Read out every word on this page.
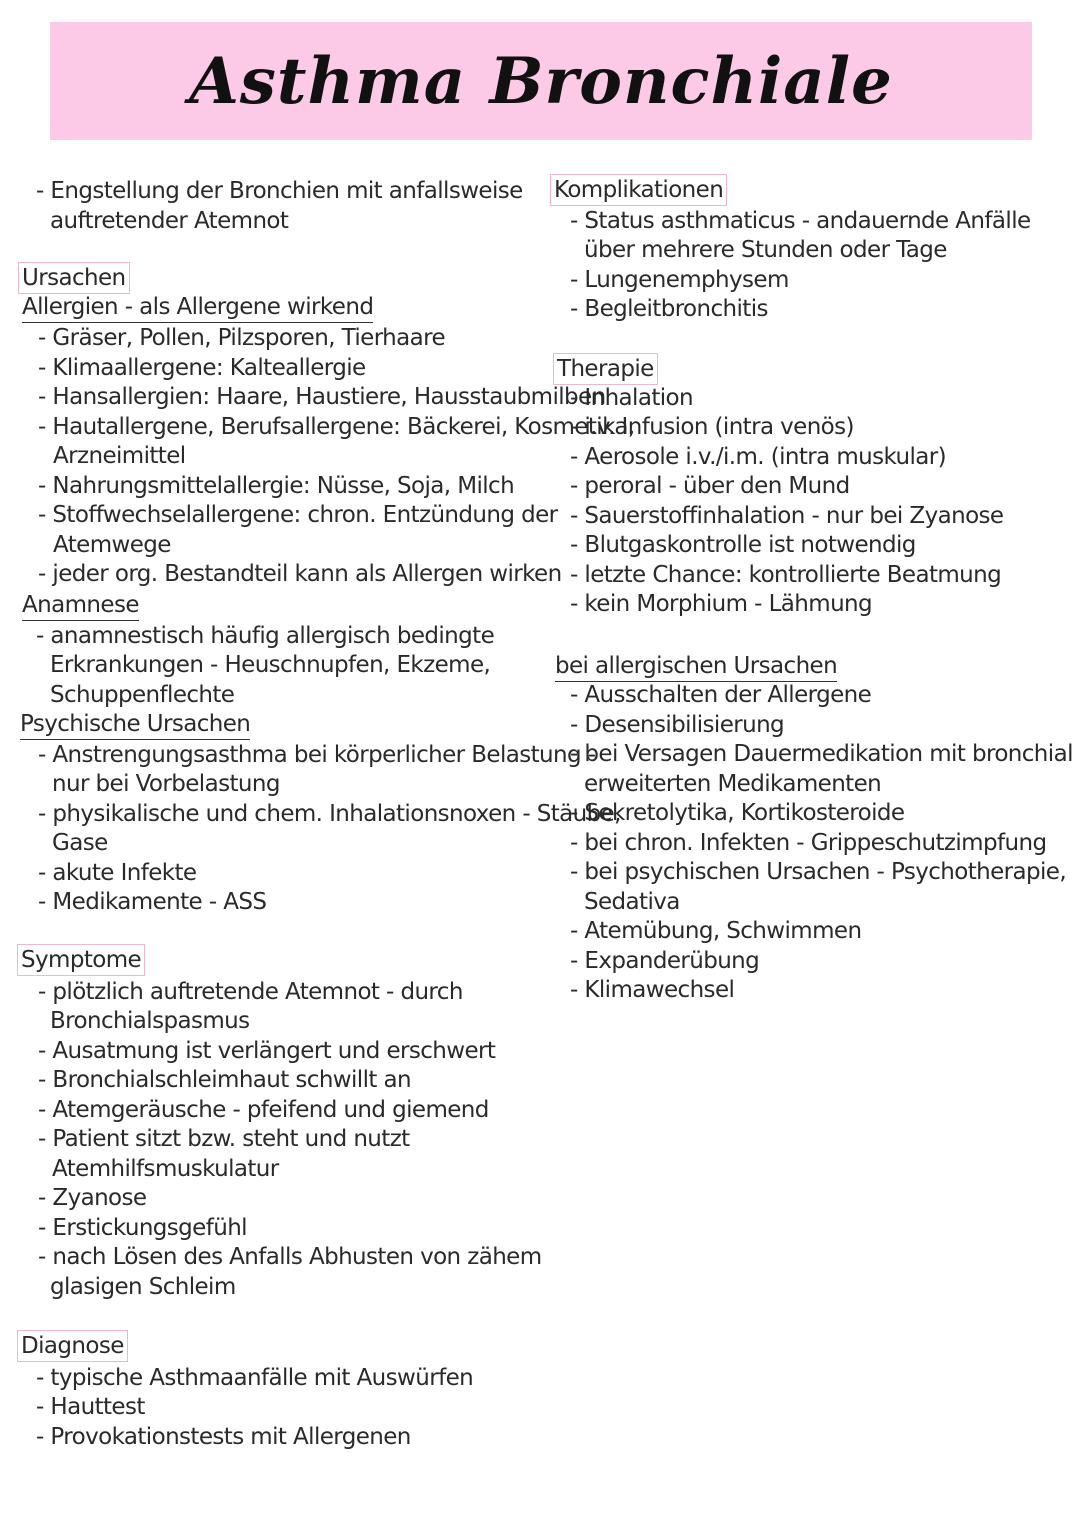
Asthma Bronchiale
- Engstellung der Bronchien mit anfallsweise
auftretender Atemnot
Ursachen
Allergien - als Allergene wirkend
- Gräser, Pollen, Pilzsporen, Tierhaare
- Klimaallergene: Kalteallergie
- Hansallergien: Haare, Haustiere, Hausstaubmilben
- Hautallergene, Berufsallergene: Bäckerei, Kosmetika,
Arzneimittel
- Nahrungsmittelallergie: Nüsse, Soja, Milch
- Stoffwechselallergene: chron. Entzündung der
Atemwege
- jeder org. Bestandteil kann als Allergen wirken
Anamnese
- anamnestisch häufig allergisch bedingte
Erkrankungen - Heuschnupfen, Ekzeme,
Schuppenflechte
Psychische Ursachen
- Anstrengungsasthma bei körperlicher Belastung -
nur bei Vorbelastung
- physikalische und chem. Inhalationsnoxen - Stäube,
Gase
- akute Infekte
- Medikamente - ASS
Symptome
- plötzlich auftretende Atemnot - durch
Bronchialspasmus
- Ausatmung ist verlängert und erschwert
- Bronchialschleimhaut schwillt an
- Atemgeräusche - pfeifend und giemend
- Patient sitzt bzw. steht und nutzt
Atemhilfsmuskulatur
- Zyanose
- Erstickungsgefühl
- nach Lösen des Anfalls Abhusten von zähem
glasigen Schleim
Diagnose
- typische Asthmaanfälle mit Auswürfen
- Hauttest
- Provokationstests mit Allergenen
Komplikationen
- Status asthmaticus - andauernde Anfälle
über mehrere Stunden oder Tage
- Lungenemphysem
- Begleitbronchitis
Therapie
- Inhalation
- i.v. Infusion (intra venös)
- Aerosole i.v./i.m. (intra muskular)
- peroral - über den Mund
- Sauerstoffinhalation - nur bei Zyanose
- Blutgaskontrolle ist notwendig
- letzte Chance: kontrollierte Beatmung
- kein Morphium - Lähmung
bei allergischen Ursachen
- Ausschalten der Allergene
- Desensibilisierung
- bei Versagen Dauermedikation mit bronchial
erweiterten Medikamenten
- Sekretolytika, Kortikosteroide
- bei chron. Infekten - Grippeschutzimpfung
- bei psychischen Ursachen - Psychotherapie,
Sedativa
- Atemübung, Schwimmen
- Expanderübung
- Klimawechsel
